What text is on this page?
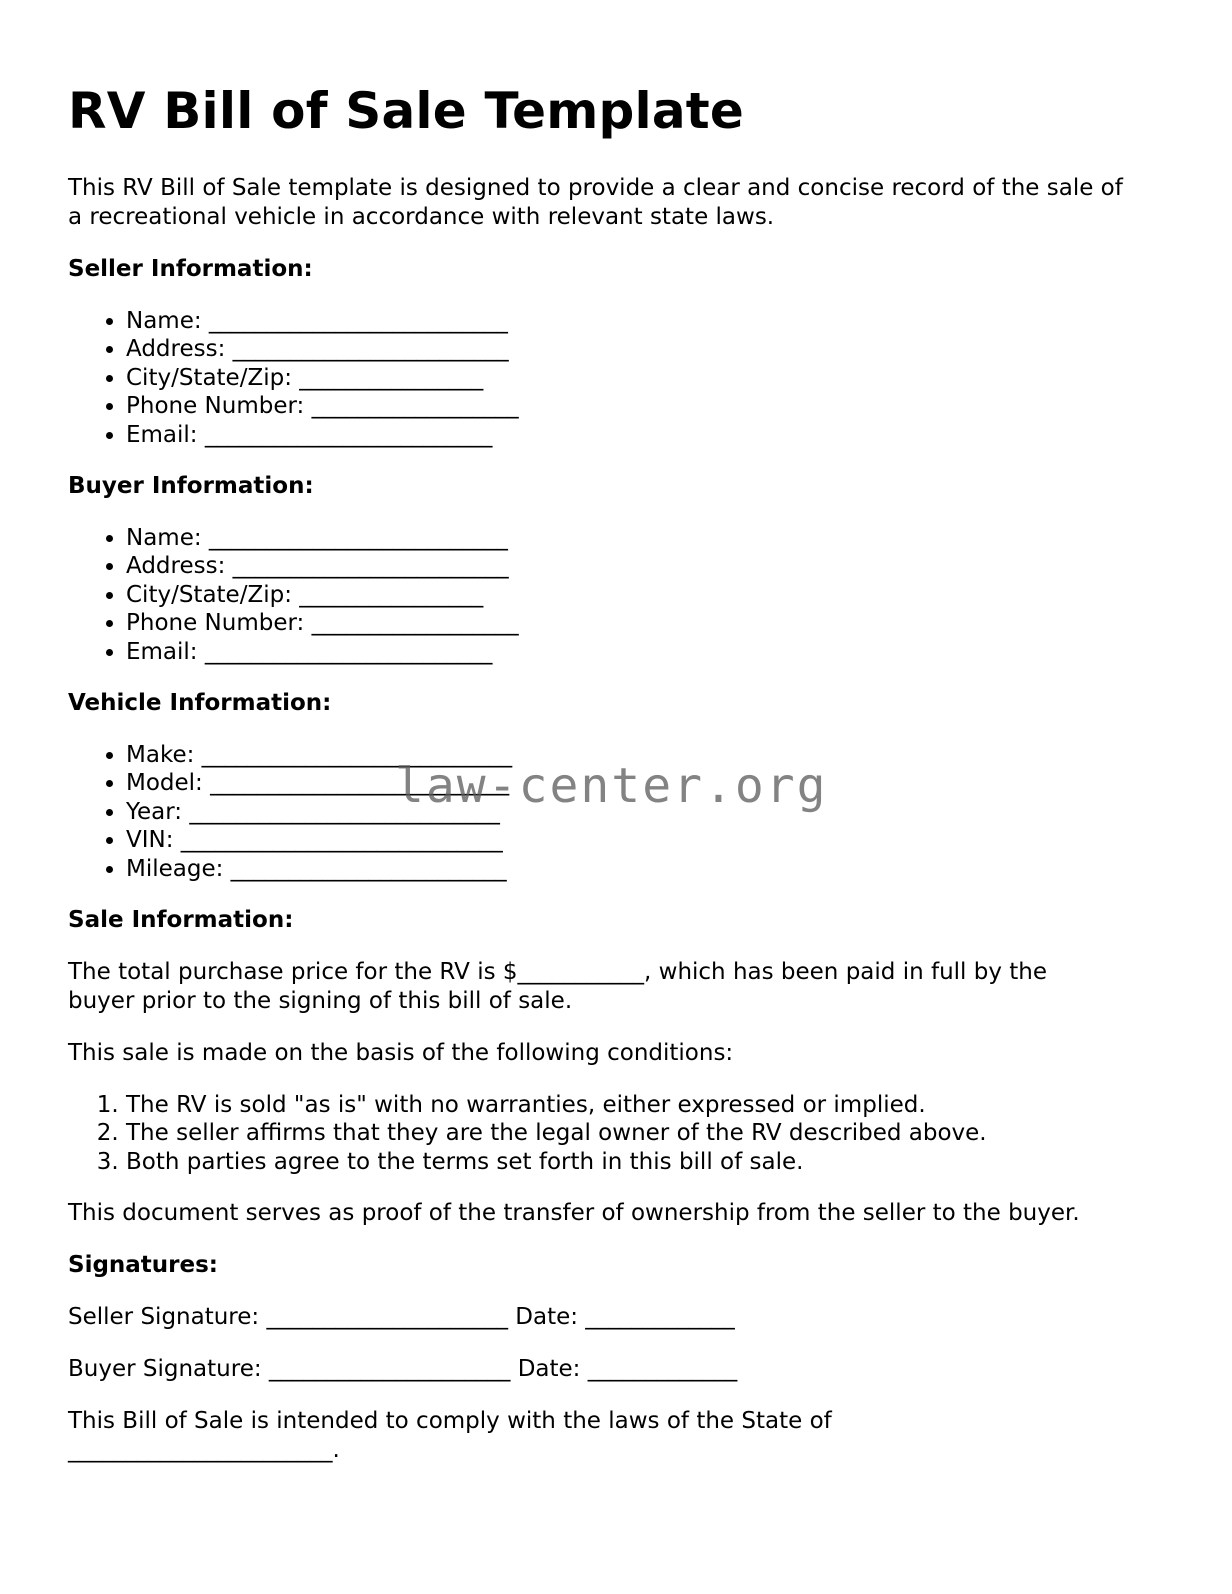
RV Bill of Sale Template

This RV Bill of Sale template is designed to provide a clear and concise record of the sale of a recreational vehicle in accordance with relevant state laws.

Seller Information:

• Name: __________________________
• Address: ________________________
• City/State/Zip: ________________
• Phone Number: __________________
• Email: _________________________

Buyer Information:

• Name: __________________________
• Address: ________________________
• City/State/Zip: ________________
• Phone Number: __________________
• Email: _________________________

Vehicle Information:

• Make: ___________________________
• Model: __________________________
• Year: ___________________________
• VIN: ____________________________
• Mileage: ________________________

Sale Information:

The total purchase price for the RV is $___________, which has been paid in full by the buyer prior to the signing of this bill of sale.

This sale is made on the basis of the following conditions:

1. The RV is sold "as is" with no warranties, either expressed or implied.
2. The seller affirms that they are the legal owner of the RV described above.
3. Both parties agree to the terms set forth in this bill of sale.

This document serves as proof of the transfer of ownership from the seller to the buyer.

Signatures:

Seller Signature: _____________________ Date: _____________

Buyer Signature: _____________________ Date: _____________

This Bill of Sale is intended to comply with the laws of the State of _______________________.

law-center.org
